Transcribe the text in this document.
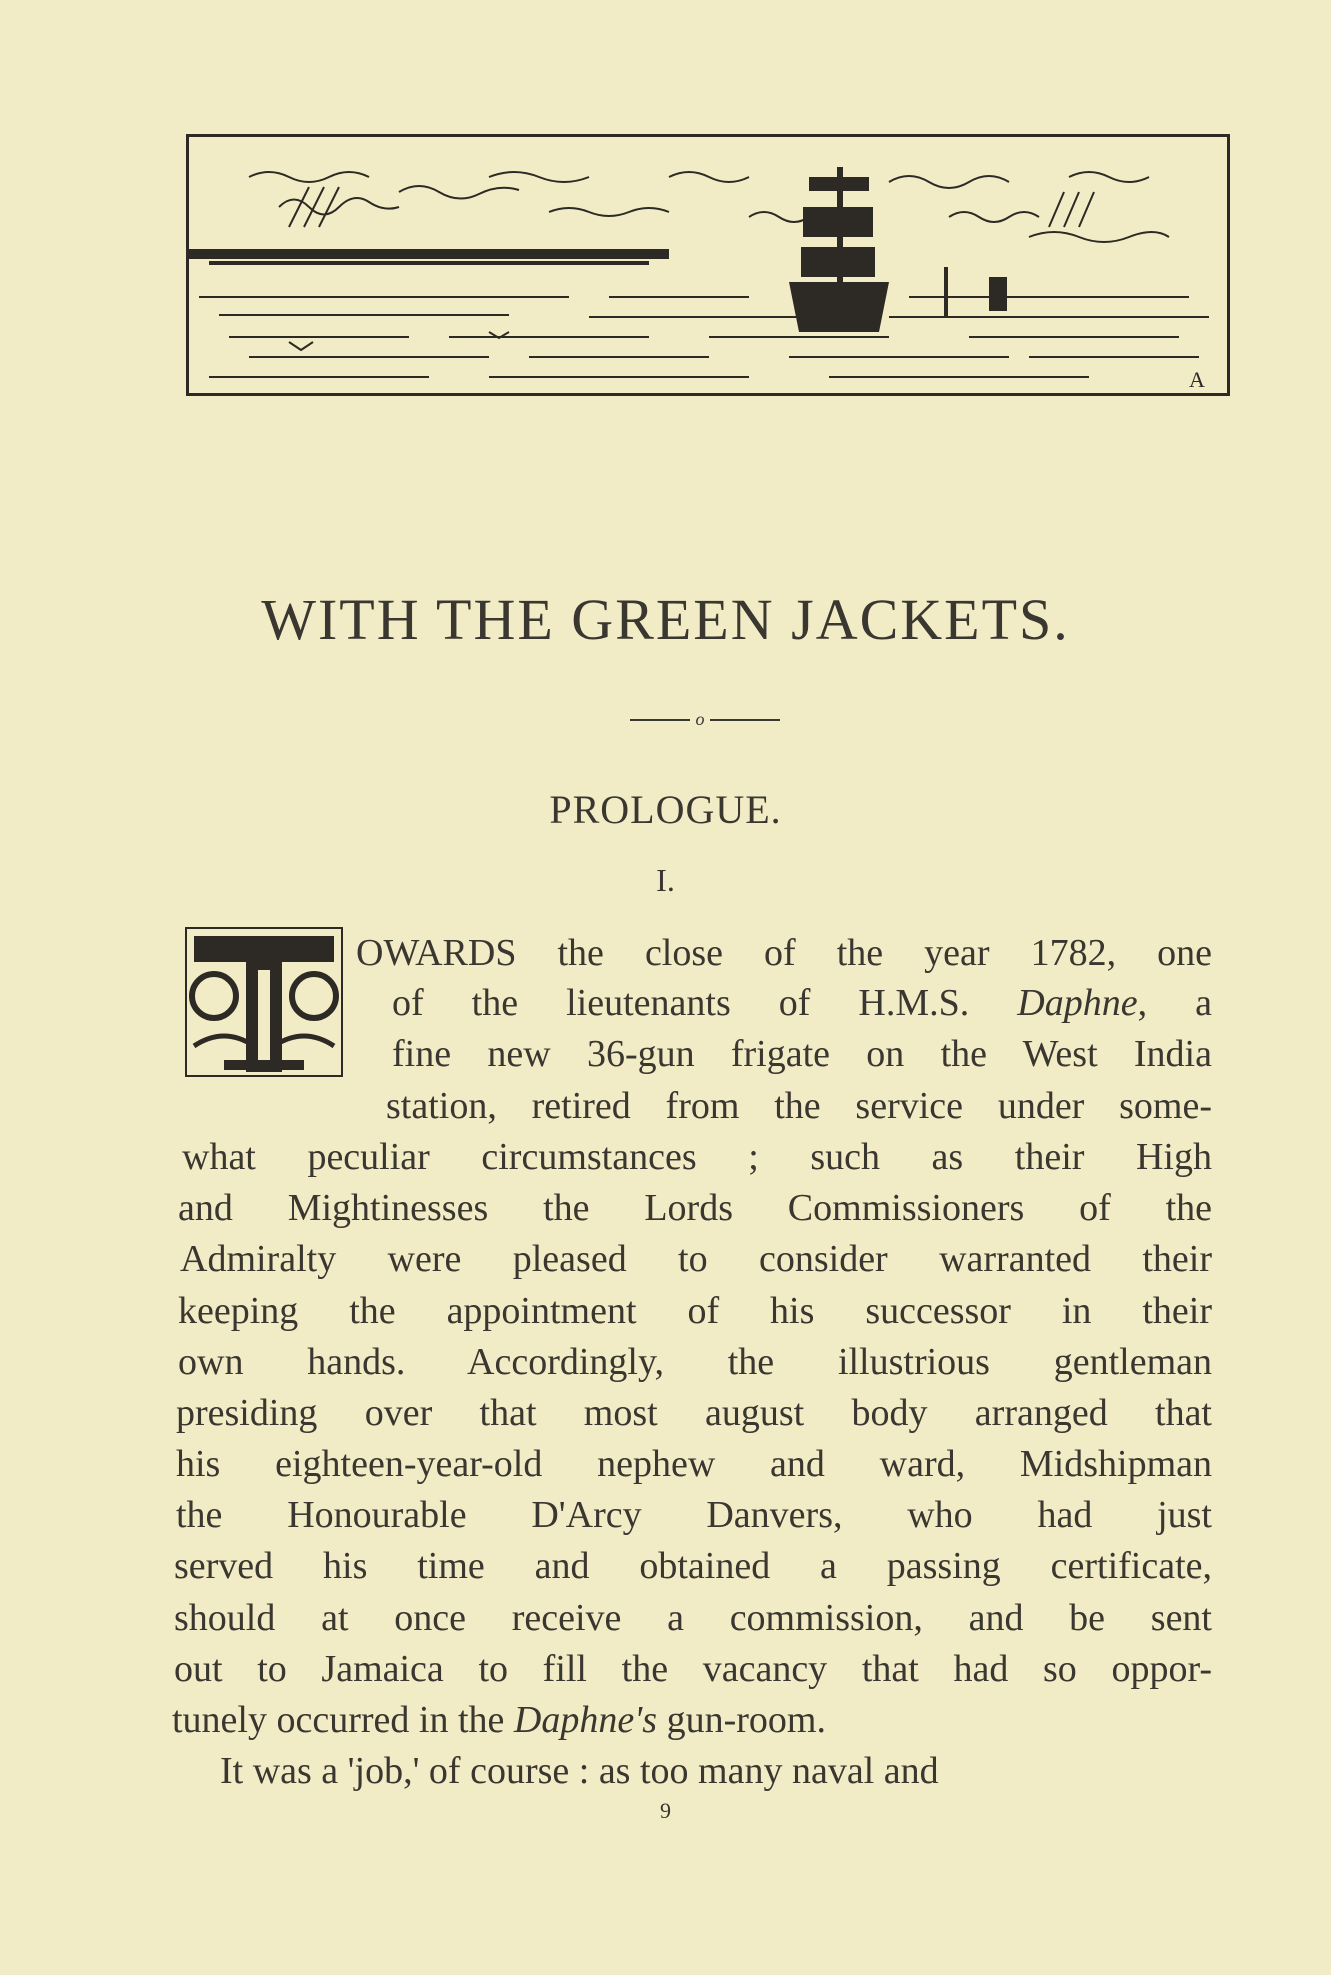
A
WITH THE GREEN JACKETS.
o
PROLOGUE.
I.
OWARDS the close of the year 1782, one
of the lieutenants of H.M.S. Daphne, a
fine new 36-gun frigate on the West India
station, retired from the service under some-
what peculiar circumstances ; such as their High
and Mightinesses the Lords Commissioners of the
Admiralty were pleased to consider warranted their
keeping the appointment of his successor in their
own hands. Accordingly, the illustrious gentleman
presiding over that most august body arranged that
his eighteen-year-old nephew and ward, Midshipman
the Honourable D'Arcy Danvers, who had just
served his time and obtained a passing certificate,
should at once receive a commission, and be sent
out to Jamaica to fill the vacancy that had so oppor-
tunely occurred in the Daphne's gun-room.
It was a 'job,' of course : as too many naval and
9
